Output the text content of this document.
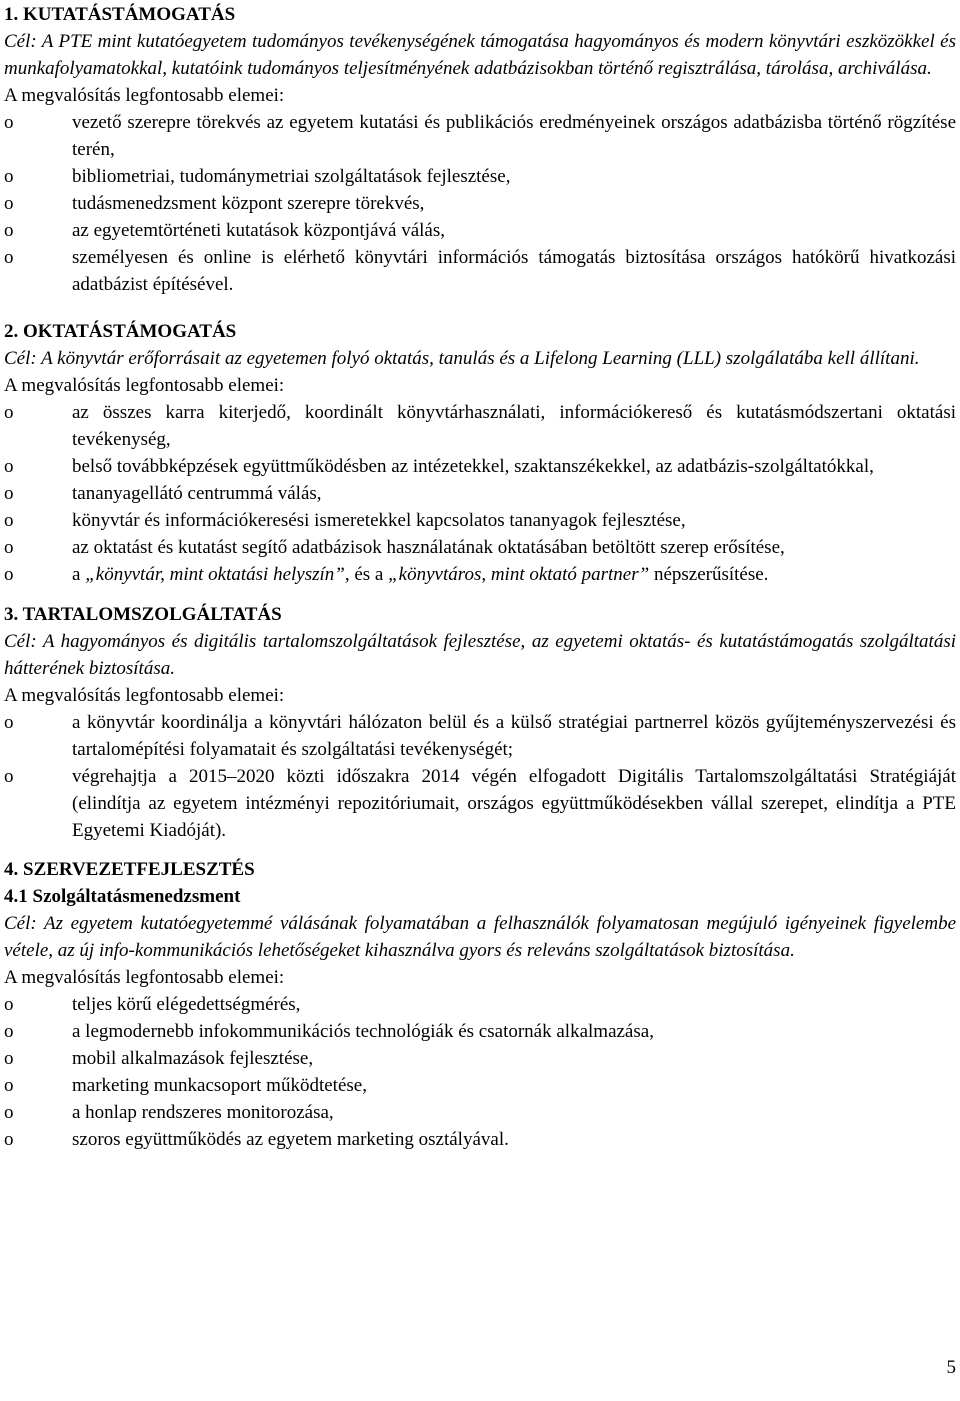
1. KUTATÁSTÁMOGATÁS

Cél: A PTE mint kutatóegyetem tudományos tevékenységének támogatása hagyományos és modern könyvtári eszközökkel és munkafolyamatokkal, kutatóink tudományos teljesítményének adatbázisokban történő regisztrálása, tárolása, archiválása.

A megvalósítás legfontosabb elemei:

o	vezető szerepre törekvés az egyetem kutatási és publikációs eredményeinek országos adatbázisba történő rögzítése terén,
o	bibliometriai, tudománymetriai szolgáltatások fejlesztése,
o	tudásmenedzsment központ szerepre törekvés,
o	az egyetemtörténeti kutatások központjává válás,
o	személyesen és online is elérhető könyvtári információs támogatás biztosítása országos hatókörű hivatkozási adatbázist építésével.

2. OKTATÁSTÁMOGATÁS

Cél: A könyvtár erőforrásait az egyetemen folyó oktatás, tanulás és a Lifelong Learning (LLL) szolgálatába kell állítani.

A megvalósítás legfontosabb elemei:

o	az összes karra kiterjedő, koordinált könyvtárhasználati, információkereső és kutatásmódszertani oktatási tevékenység,
o	belső továbbképzések együttműködésben az intézetekkel, szaktanszékekkel, az adatbázis-szolgáltatókkal,
o	tananyagellátó centrummá válás,
o	könyvtár és információkeresési ismeretekkel kapcsolatos tananyagok fejlesztése,
o	az oktatást és kutatást segítő adatbázisok használatának oktatásában betöltött szerep erősítése,
o	a „könyvtár, mint oktatási helyszín”, és a „könyvtáros, mint oktató partner” népszerűsítése.

3. TARTALOMSZOLGÁLTATÁS

Cél: A hagyományos és digitális tartalomszolgáltatások fejlesztése, az egyetemi oktatás- és kutatástámogatás szolgáltatási hátterének biztosítása.

A megvalósítás legfontosabb elemei:

o	a könyvtár koordinálja a könyvtári hálózaton belül és a külső stratégiai partnerrel közös gyűjteményszervezési és tartalomépítési folyamatait és szolgáltatási tevékenységét;
o	végrehajtja a 2015–2020 közti időszakra 2014 végén elfogadott Digitális Tartalomszolgáltatási Stratégiáját (elindítja az egyetem intézményi repozitóriumait, országos együttműködésekben vállal szerepet, elindítja a PTE Egyetemi Kiadóját).

4. SZERVEZETFEJLESZTÉS

4.1 Szolgáltatásmenedzsment

Cél: Az egyetem kutatóegyetemmé válásának folyamatában a felhasználók folyamatosan megújuló igényeinek figyelembe vétele, az új info-kommunikációs lehetőségeket kihasználva gyors és releváns szolgáltatások biztosítása.

A megvalósítás legfontosabb elemei:

o	teljes körű elégedettségmérés,
o	a legmodernebb infokommunikációs technológiák és csatornák alkalmazása,
o	mobil alkalmazások fejlesztése,
o	marketing munkacsoport működtetése,
o	a honlap rendszeres monitorozása,
o	szoros együttműködés az egyetem marketing osztályával.
5
